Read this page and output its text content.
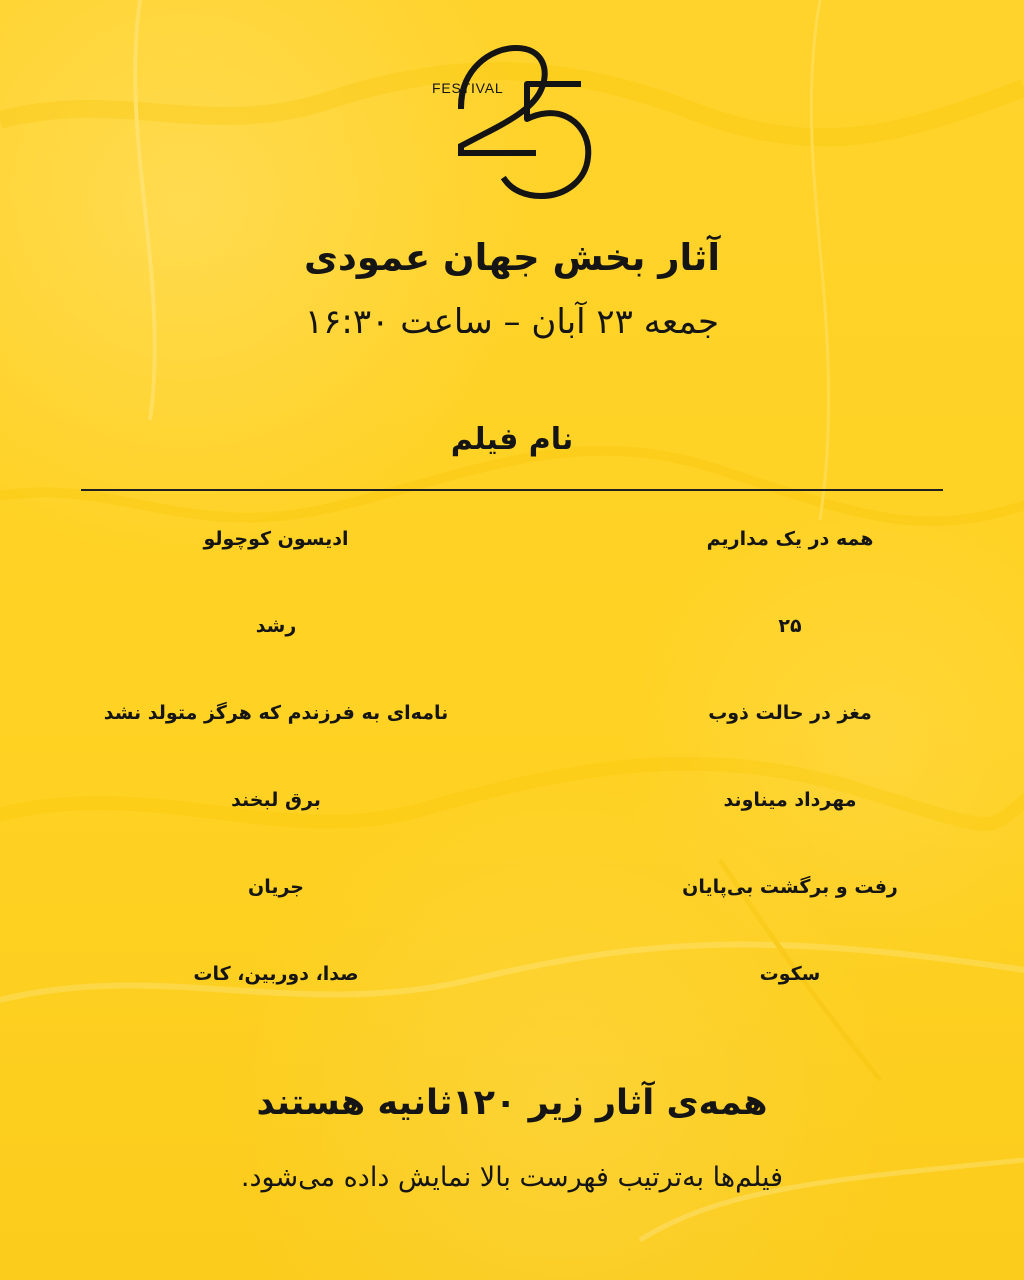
FESTIVAL
آثار بخش جهان عمودی
جمعه ۲۳ آبان – ساعت ۱۶:۳۰
نام فیلم
همه در یک مداریم
ادیسون کوچولو
۲۵
رشد
مغز در حالت ذوب
نامه‌ای به فرزندم که هرگز متولد نشد
مهرداد میناوند
برق لبخند
رفت و برگشت بی‌پایان
جریان
سکوت
صدا، دوربین، کات
همه‌ی آثار زیر ۱۲۰ثانیه هستند
فیلم‌ها به‌ترتیب فهرست بالا نمایش داده می‌شود.
